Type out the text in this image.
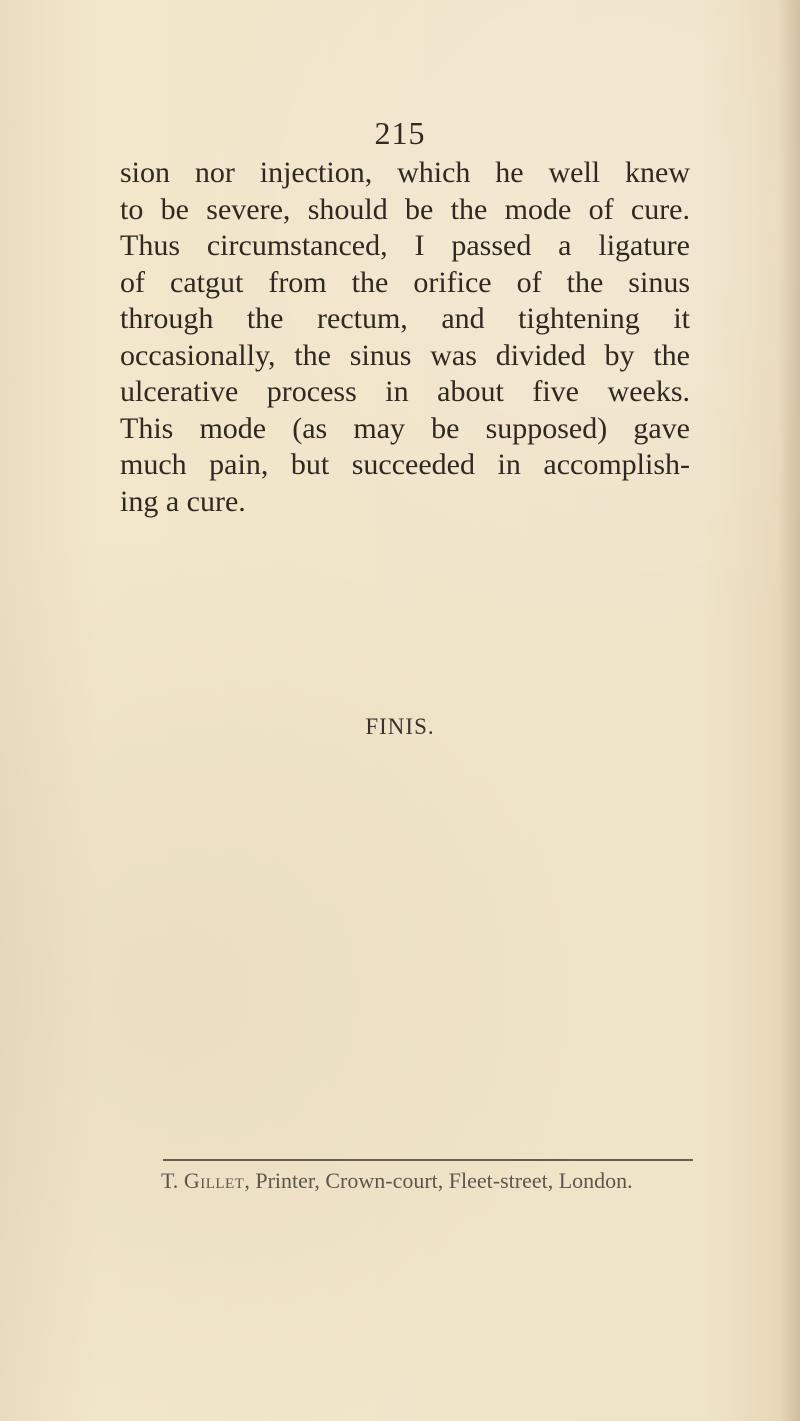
215
sion nor injection, which he well knew
to be severe, should be the mode of cure.
Thus circumstanced, I passed a ligature
of catgut from the orifice of the sinus
through the rectum, and tightening it
occasionally, the sinus was divided by the
ulcerative process in about five weeks.
This mode (as may be supposed) gave
much pain, but succeeded in accomplish-
ing a cure.
FINIS.
T. Gillet, Printer, Crown-court, Fleet-street, London.
